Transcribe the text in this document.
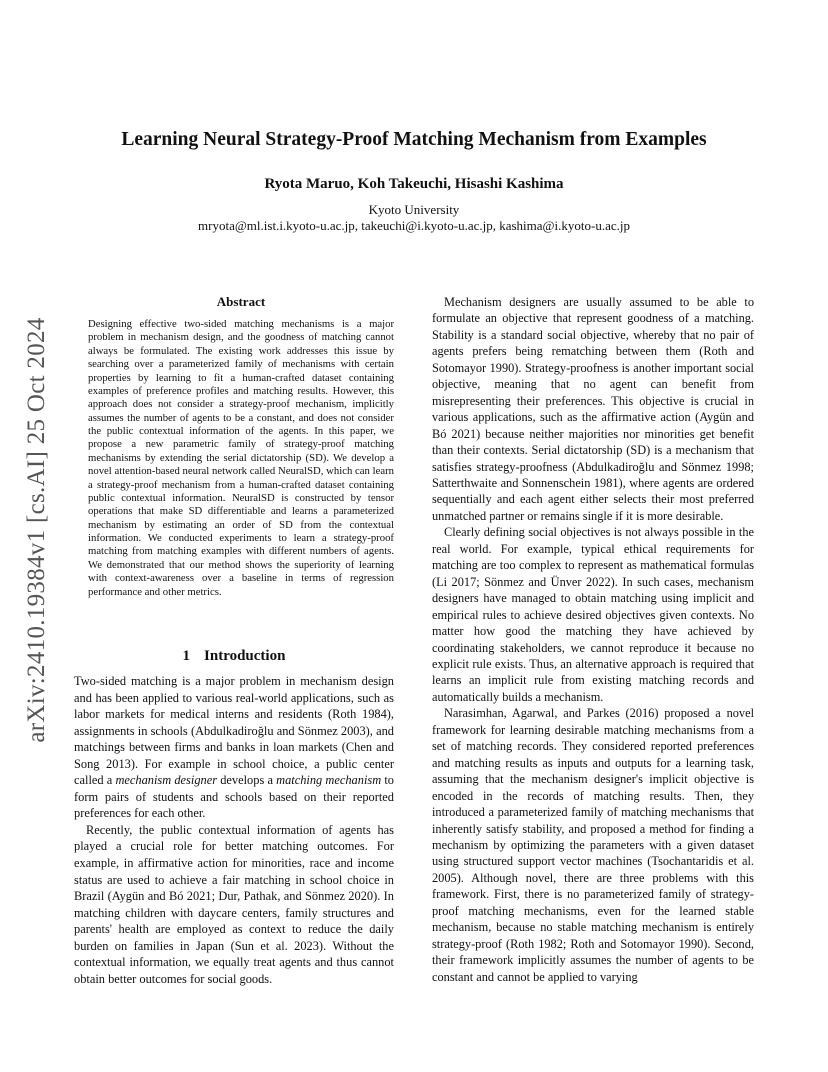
arXiv:2410.19384v1 [cs.AI] 25 Oct 2024
Learning Neural Strategy-Proof Matching Mechanism from Examples
Ryota Maruo, Koh Takeuchi, Hisashi Kashima
Kyoto University
mryota@ml.ist.i.kyoto-u.ac.jp, takeuchi@i.kyoto-u.ac.jp, kashima@i.kyoto-u.ac.jp
Abstract

Designing effective two-sided matching mechanisms is a major problem in mechanism design, and the goodness of matching cannot always be formulated. The existing work addresses this issue by searching over a parameterized family of mechanisms with certain properties by learning to fit a human-crafted dataset containing examples of preference profiles and matching results. However, this approach does not consider a strategy-proof mechanism, implicitly assumes the number of agents to be a constant, and does not consider the public contextual information of the agents. In this paper, we propose a new parametric family of strategy-proof matching mechanisms by extending the serial dictatorship (SD). We develop a novel attention-based neural network called NeuralSD, which can learn a strategy-proof mechanism from a human-crafted dataset containing public contextual information. NeuralSD is constructed by tensor operations that make SD differentiable and learns a parameterized mechanism by estimating an order of SD from the contextual information. We conducted experiments to learn a strategy-proof matching from matching examples with different numbers of agents. We demonstrated that our method shows the superiority of learning with context-awareness over a baseline in terms of regression performance and other metrics.

1 Introduction

Two-sided matching is a major problem in mechanism design and has been applied to various real-world applications, such as labor markets for medical interns and residents (Roth 1984), assignments in schools (Abdulkadiroğlu and Sönmez 2003), and matchings between firms and banks in loan markets (Chen and Song 2013). For example in school choice, a public center called a mechanism designer develops a matching mechanism to form pairs of students and schools based on their reported preferences for each other.

Recently, the public contextual information of agents has played a crucial role for better matching outcomes. For example, in affirmative action for minorities, race and income status are used to achieve a fair matching in school choice in Brazil (Aygün and Bó 2021; Dur, Pathak, and Sönmez 2020). In matching children with daycare centers, family structures and parents' health are employed as context to reduce the daily burden on families in Japan (Sun et al. 2023). Without the contextual information, we equally treat agents and thus cannot obtain better outcomes for social goods.

Mechanism designers are usually assumed to be able to formulate an objective that represent goodness of a matching. Stability is a standard social objective, whereby that no pair of agents prefers being rematching between them (Roth and Sotomayor 1990). Strategy-proofness is another important social objective, meaning that no agent can benefit from misrepresenting their preferences. This objective is crucial in various applications, such as the affirmative action (Aygün and Bó 2021) because neither majorities nor minorities get benefit than their contexts. Serial dictatorship (SD) is a mechanism that satisfies strategy-proofness (Abdulkadiroğlu and Sönmez 1998; Satterthwaite and Sonnenschein 1981), where agents are ordered sequentially and each agent either selects their most preferred unmatched partner or remains single if it is more desirable.

Clearly defining social objectives is not always possible in the real world. For example, typical ethical requirements for matching are too complex to represent as mathematical formulas (Li 2017; Sönmez and Ünver 2022). In such cases, mechanism designers have managed to obtain matching using implicit and empirical rules to achieve desired objectives given contexts. No matter how good the matching they have achieved by coordinating stakeholders, we cannot reproduce it because no explicit rule exists. Thus, an alternative approach is required that learns an implicit rule from existing matching records and automatically builds a mechanism.

Narasimhan, Agarwal, and Parkes (2016) proposed a novel framework for learning desirable matching mechanisms from a set of matching records. They considered reported preferences and matching results as inputs and outputs for a learning task, assuming that the mechanism designer's implicit objective is encoded in the records of matching results. Then, they introduced a parameterized family of matching mechanisms that inherently satisfy stability, and proposed a method for finding a mechanism by optimizing the parameters with a given dataset using structured support vector machines (Tsochantaridis et al. 2005). Although novel, there are three problems with this framework. First, there is no parameterized family of strategy-proof matching mechanisms, even for the learned stable mechanism, because no stable matching mechanism is entirely strategy-proof (Roth 1982; Roth and Sotomayor 1990). Second, their framework implicitly assumes the number of agents to be constant and cannot be applied to varying
